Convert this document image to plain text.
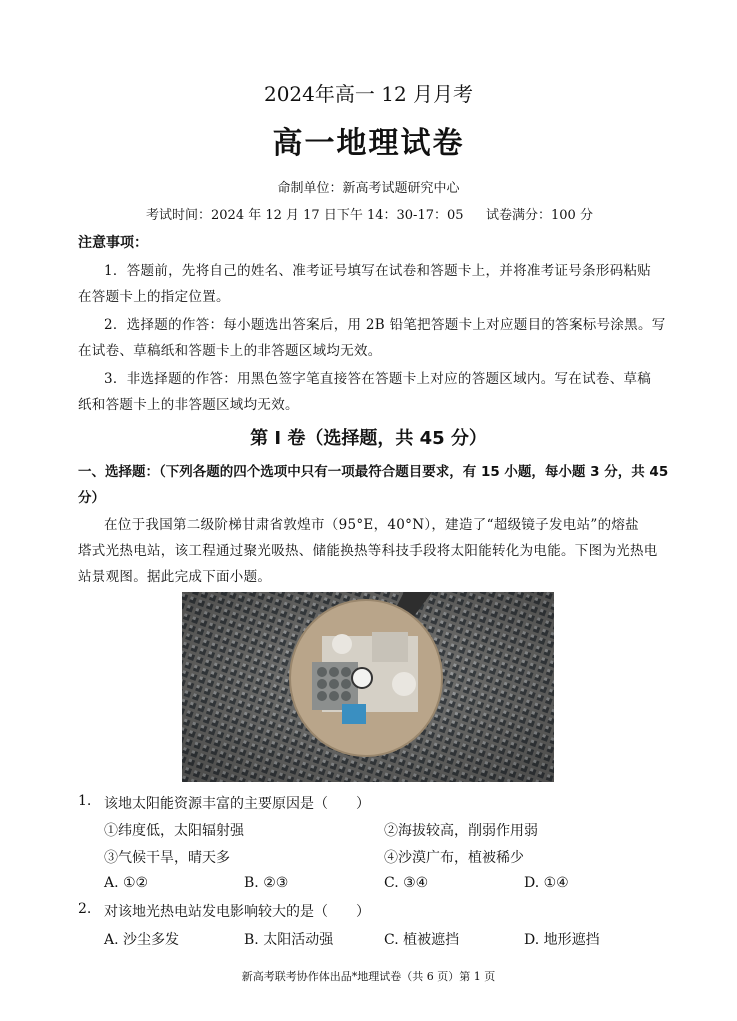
2024年高一 12 月月考
高一地理试卷
命制单位：新高考试题研究中心
考试时间：2024 年 12 月 17 日下午 14：30-17：05 试卷满分：100 分
注意事项：
1．答题前，先将自己的姓名、准考证号填写在试卷和答题卡上，并将准考证号条形码粘贴
在答题卡上的指定位置。
2．选择题的作答：每小题选出答案后，用 2B 铅笔把答题卡上对应题目的答案标号涂黑。写
在试卷、草稿纸和答题卡上的非答题区域均无效。
3．非选择题的作答：用黑色签字笔直接答在答题卡上对应的答题区域内。写在试卷、草稿
纸和答题卡上的非答题区域均无效。
第 I 卷（选择题，共 45 分）
一、选择题：（下列各题的四个选项中只有一项最符合题目要求，有 15 小题，每小题 3 分，共 45
分）
在位于我国第二级阶梯甘肃省敦煌市（95°E，40°N），建造了“超级镜子发电站”的熔盐
塔式光热电站，该工程通过聚光吸热、储能换热等科技手段将太阳能转化为电能。下图为光热电
站景观图。据此完成下面小题。
1. 该地太阳能资源丰富的主要原因是（　　）
①纬度低，太阳辐射强	②海拔较高，削弱作用弱
③气候干旱，晴天多	④沙漠广布，植被稀少
A. ①②	B. ②③	C. ③④	D. ①④
2. 对该地光热电站发电影响较大的是（　　）
A. 沙尘多发	B. 太阳活动强	C. 植被遮挡	D. 地形遮挡
新高考联考协作体出品*地理试卷（共 6 页）第 1 页
